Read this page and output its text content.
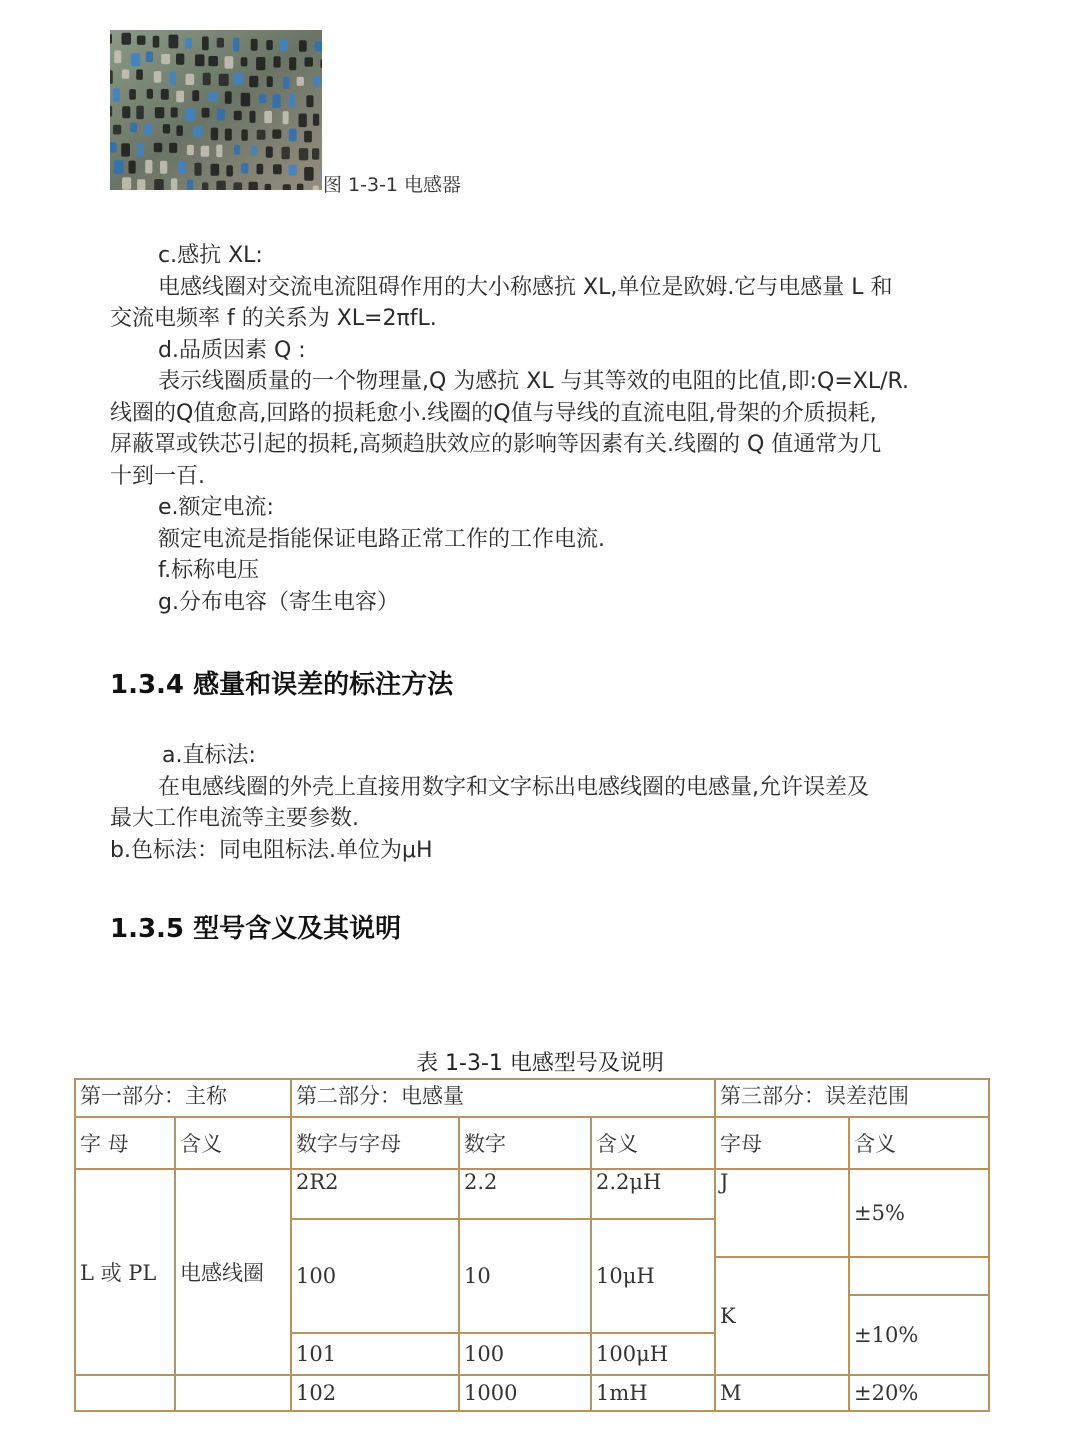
图 1-3-1 电感器

c.感抗 XL:

电感线圈对交流电流阻碍作用的大小称感抗 XL,单位是欧姆.它与电感量 L 和

交流电频率 f 的关系为 XL=2πfL.

d.品质因素 Q :

表示线圈质量的一个物理量,Q 为感抗 XL 与其等效的电阻的比值,即:Q=XL/R.

线圈的Q值愈高,回路的损耗愈小.线圈的Q值与导线的直流电阻,骨架的介质损耗,

屏蔽罩或铁芯引起的损耗,高频趋肤效应的影响等因素有关.线圈的 Q 值通常为几

十到一百.

e.额定电流:

额定电流是指能保证电路正常工作的工作电流.

f.标称电压

g.分布电容（寄生电容）

1.3.4 感量和误差的标注方法

a.直标法:

在电感线圈的外壳上直接用数字和文字标出电感线圈的电感量,允许误差及

最大工作电流等主要参数.

b.色标法：同电阻标法.单位为μH

1.3.5 型号含义及其说明
表 1-3-1 电感型号及说明
第一部分：主称		第二部分：电感量			第三部分：误差范围	
字 母	含义	数字与字母	数字	含义	字母	含义
L 或 PL	电感线圈	2R2	2.2	2.2μH	J	±5%
		100	10	10μH		
					K	
						±10%
		101	100	100μH		
		102	1000	1mH	M	±20%
